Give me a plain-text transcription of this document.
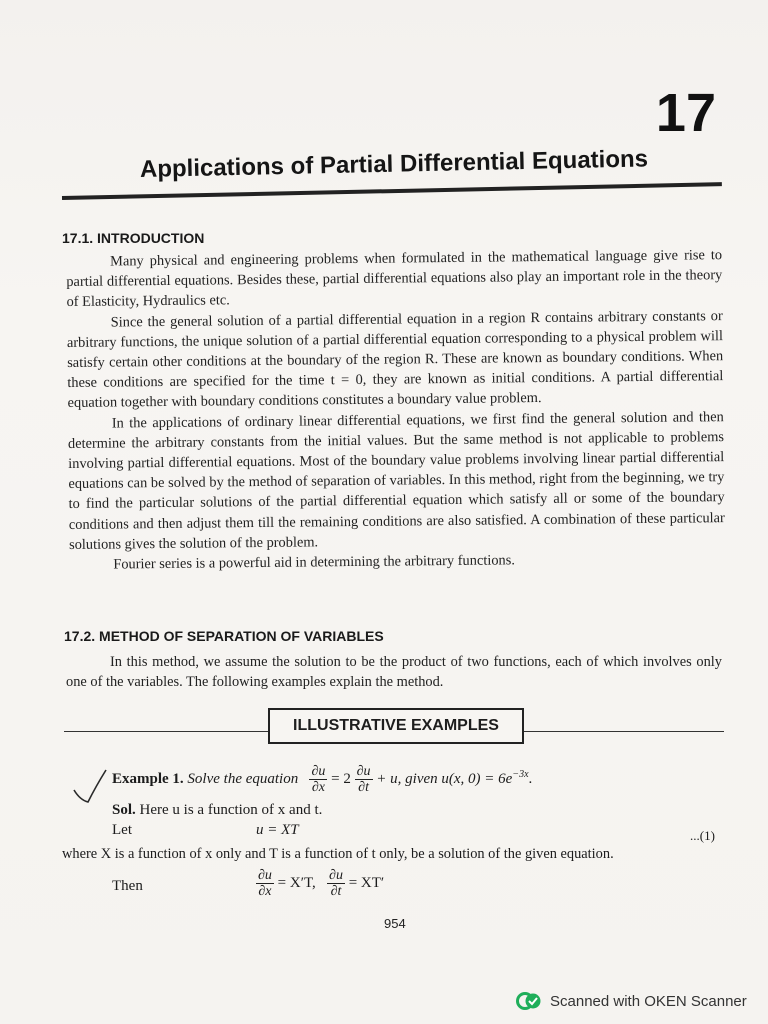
17
Applications of Partial Differential Equations
17.1. INTRODUCTION

Many physical and engineering problems when formulated in the mathematical language give rise to partial differential equations. Besides these, partial differential equations also play an important role in the theory of Elasticity, Hydraulics etc.

Since the general solution of a partial differential equation in a region R contains arbitrary constants or arbitrary functions, the unique solution of a partial differential equation corresponding to a physical problem will satisfy certain other conditions at the boundary of the region R. These are known as boundary conditions. When these conditions are specified for the time t = 0, they are known as initial conditions. A partial differential equation together with boundary conditions constitutes a boundary value problem.

In the applications of ordinary linear differential equations, we first find the general solution and then determine the arbitrary constants from the initial values. But the same method is not applicable to problems involving partial differential equations. Most of the boundary value problems involving linear partial differential equations can be solved by the method of separation of variables. In this method, right from the beginning, we try to find the particular solutions of the partial differential equation which satisfy all or some of the boundary conditions and then adjust them till the remaining conditions are also satisfied. A combination of these particular solutions gives the solution of the problem.

Fourier series is a powerful aid in determining the arbitrary functions.

17.2. METHOD OF SEPARATION OF VARIABLES

In this method, we assume the solution to be the product of two functions, each of which involves only one of the variables. The following examples explain the method.

ILLUSTRATIVE EXAMPLES
Example 1. Solve the equation $\frac{\partial u}{\partial x} = 2 \frac{\partial u}{\partial t} + u$, given u(x, $0) = 6e^{-3x}$.
Sol. Here u is a function of x and t.
Let	u = XT	...(1)
where X is a function of x only and T is a function of t only, be a solution of the given equation.
Then	$\frac{\partial u}{\partial x} = X'T$, $\frac{\partial u}{\partial t} = XT'$
954
Scanned with OKEN Scanner
